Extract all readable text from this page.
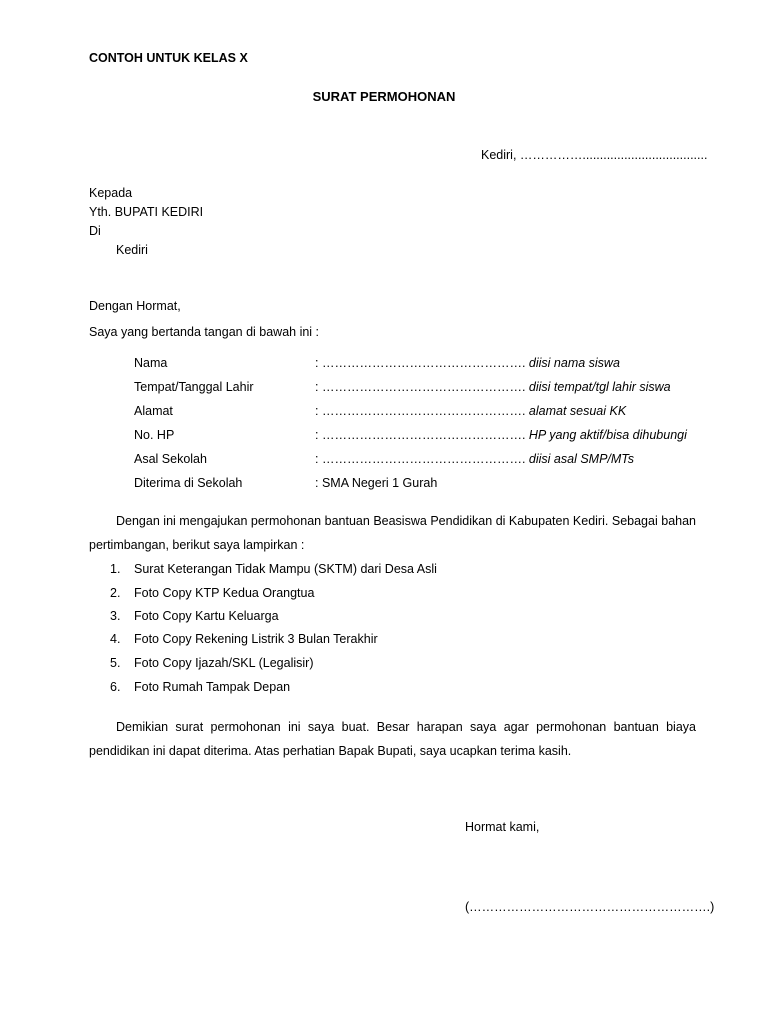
CONTOH UNTUK KELAS X
SURAT PERMOHONAN
Kediri, ……………....................................
Kepada
Yth. BUPATI KEDIRI
Di
Kediri
Dengan Hormat,
Saya yang bertanda tangan di bawah ini :
Nama	: …………………………………………. diisi nama siswa
Tempat/Tanggal Lahir	: …………………………………………. diisi tempat/tgl lahir siswa
Alamat	: …………………………………………. alamat sesuai KK
No. HP	: …………………………………………. HP yang aktif/bisa dihubungi
Asal Sekolah	: …………………………………………. diisi asal SMP/MTs
Diterima di Sekolah	: SMA Negeri 1 Gurah
Dengan ini mengajukan permohonan bantuan Beasiswa Pendidikan di Kabupaten Kediri. Sebagai bahan pertimbangan, berikut saya lampirkan :
1. Surat Keterangan Tidak Mampu (SKTM) dari Desa Asli
2. Foto Copy KTP Kedua Orangtua
3. Foto Copy Kartu Keluarga
4. Foto Copy Rekening Listrik 3 Bulan Terakhir
5. Foto Copy Ijazah/SKL (Legalisir)
6. Foto Rumah Tampak Depan
Demikian surat permohonan ini saya buat. Besar harapan saya agar permohonan bantuan biaya pendidikan ini dapat diterima. Atas perhatian Bapak Bupati, saya ucapkan terima kasih.
Hormat kami,
(………………………………………………….)
